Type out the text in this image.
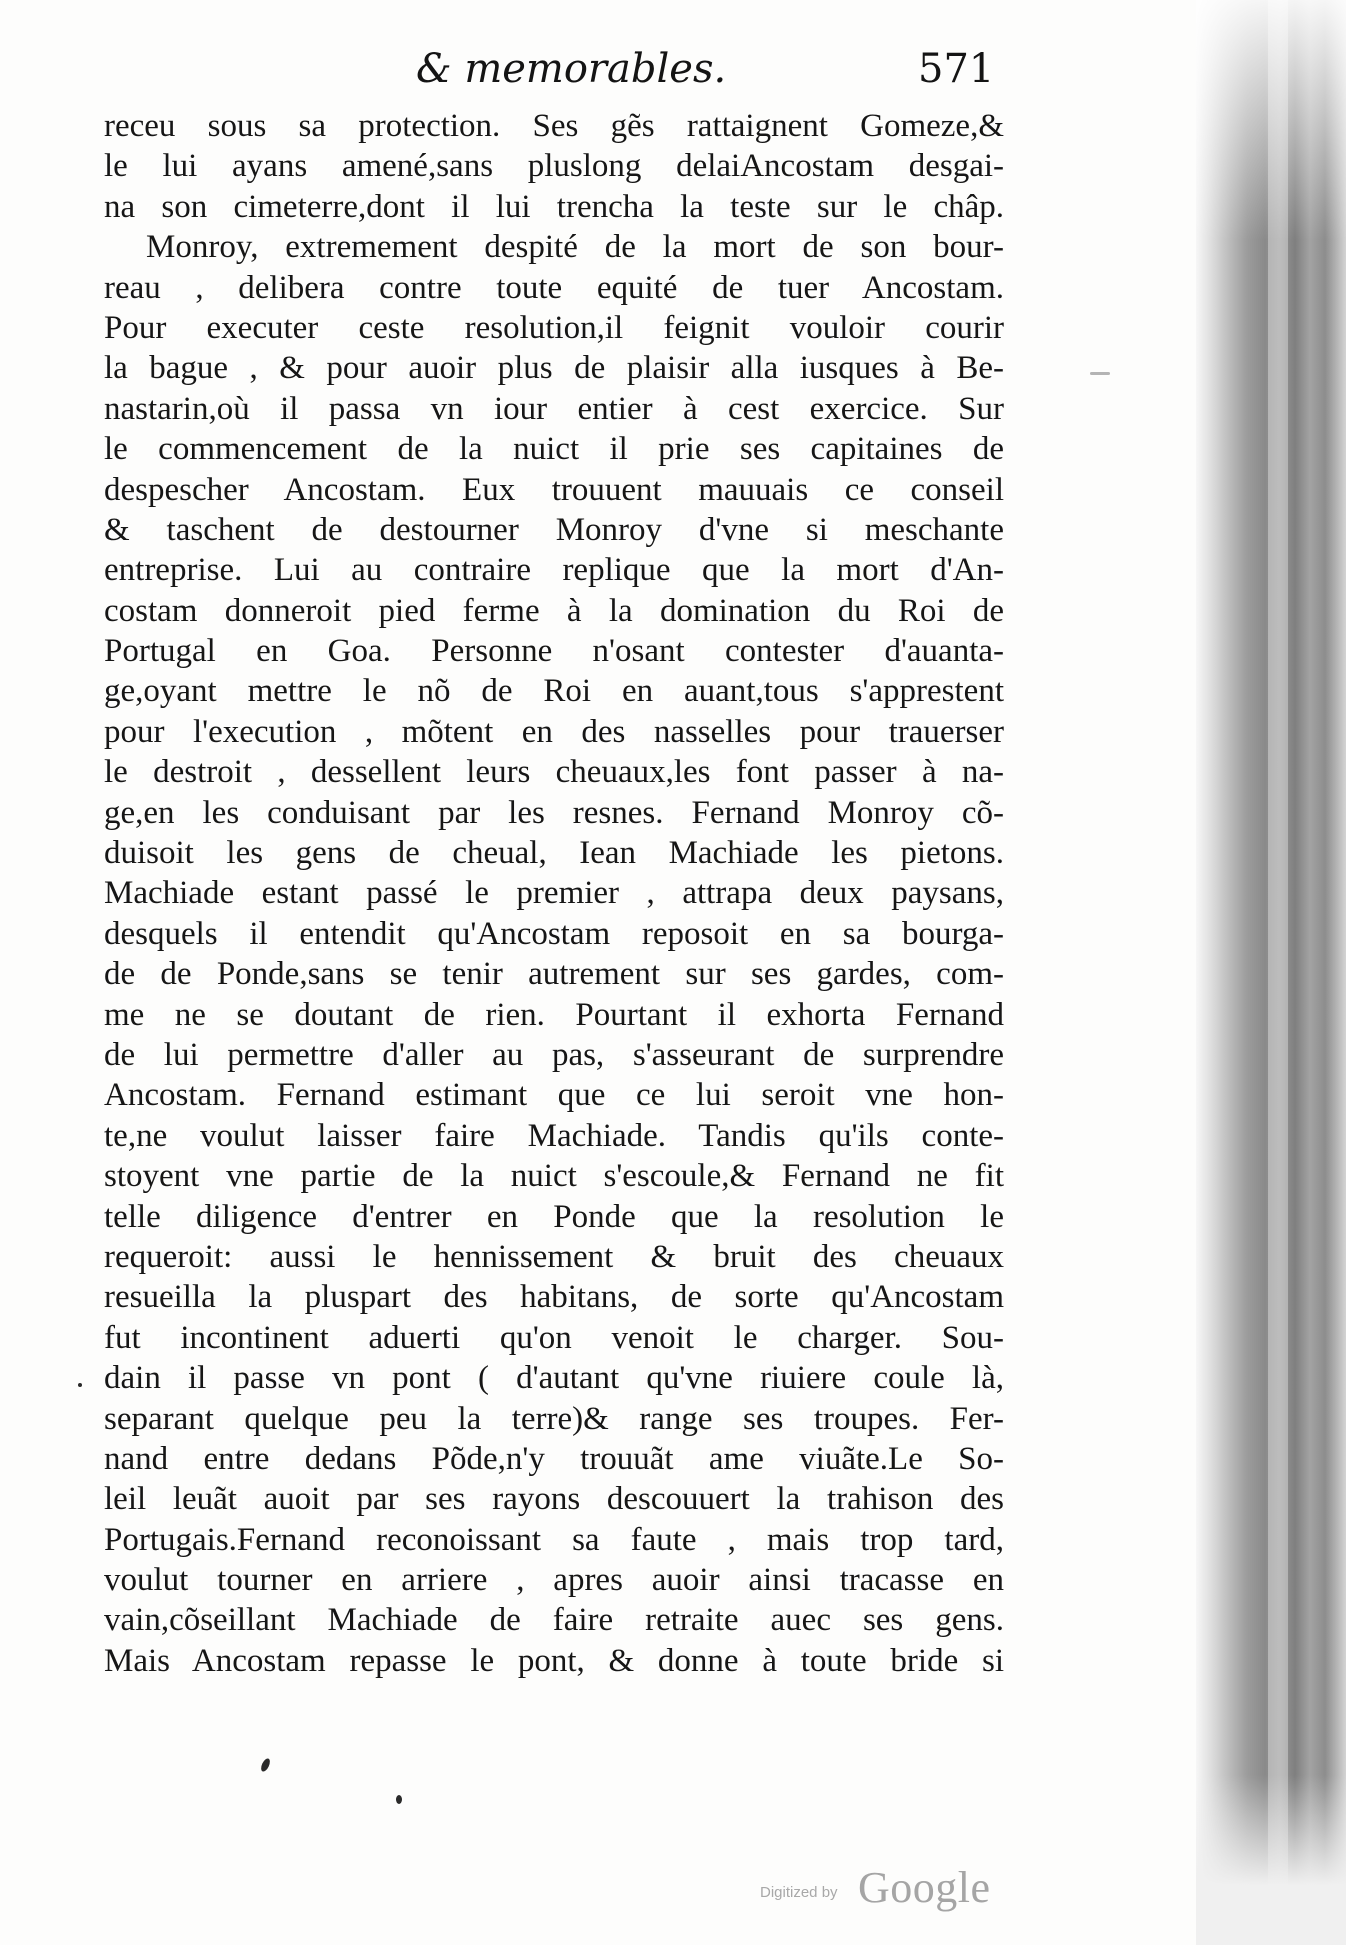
& memorables.	571
receu sous sa protection. Ses gẽs rattaignent Gomeze,&
le lui ayans amené,sans pluslong delaiAncostam desgai-
na son cimeterre,dont il lui trencha la teste sur le châp.
Monroy, extremement despité de la mort de son bour-
reau , delibera contre toute equité de tuer Ancostam.
Pour executer ceste resolution,il feignit vouloir courir
la bague , & pour auoir plus de plaisir alla iusques à Be-
nastarin,où il passa vn iour entier à cest exercice. Sur
le commencement de la nuict il prie ses capitaines de
despescher Ancostam. Eux trouuent mauuais ce conseil
& taschent de destourner Monroy d'vne si meschante
entreprise. Lui au contraire replique que la mort d'An-
costam donneroit pied ferme à la domination du Roi de
Portugal en Goa. Personne n'osant contester d'auanta-
ge,oyant mettre le nõ de Roi en auant,tous s'apprestent
pour l'execution , mõtent en des nasselles pour trauerser
le destroit , dessellent leurs cheuaux,les font passer à na-
ge,en les conduisant par les resnes. Fernand Monroy cõ-
duisoit les gens de cheual, Iean Machiade les pietons.
Machiade estant passé le premier , attrapa deux paysans,
desquels il entendit qu'Ancostam reposoit en sa bourga-
de de Ponde,sans se tenir autrement sur ses gardes, com-
me ne se doutant de rien. Pourtant il exhorta Fernand
de lui permettre d'aller au pas, s'asseurant de surprendre
Ancostam. Fernand estimant que ce lui seroit vne hon-
te,ne voulut laisser faire Machiade. Tandis qu'ils conte-
stoyent vne partie de la nuict s'escoule,& Fernand ne fit
telle diligence d'entrer en Ponde que la resolution le
requeroit: aussi le hennissement & bruit des cheuaux
resueilla la pluspart des habitans, de sorte qu'Ancostam
fut incontinent aduerti qu'on venoit le charger. Sou-
dain il passe vn pont ( d'autant qu'vne riuiere coule là,
separant quelque peu la terre)& range ses troupes. Fer-
nand entre dedans Põde,n'y trouuãt ame viuãte.Le So-
leil leuãt auoit par ses rayons descouuert la trahison des
Portugais.Fernand reconoissant sa faute , mais trop tard,
voulut tourner en arriere , apres auoir ainsi tracasse en
vain,cõseillant Machiade de faire retraite auec ses gens.
Mais Ancostam repasse le pont, & donne à toute bride si
Digitized by Google
